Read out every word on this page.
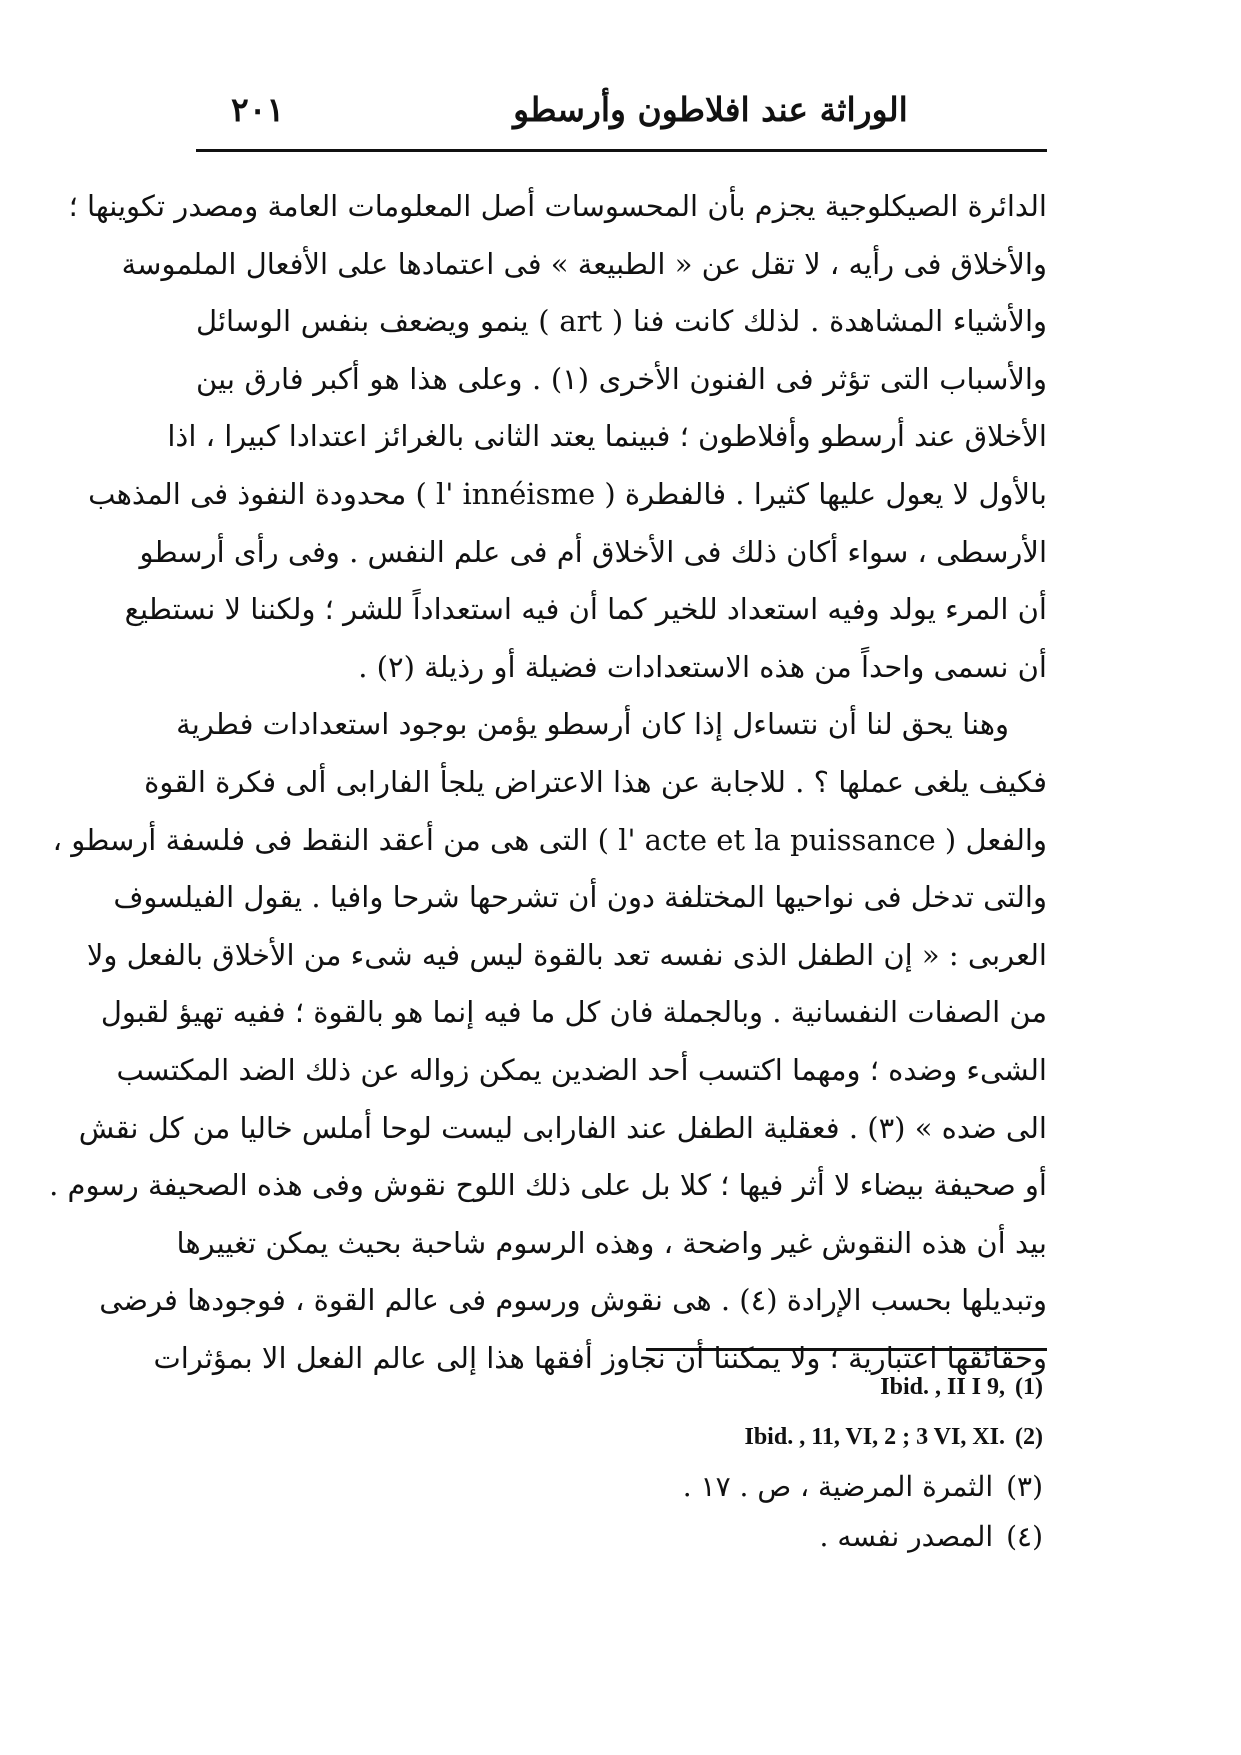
الوراثة عند افلاطون وأرسطو
٢٠١
الدائرة الصيكلوجية يجزم بأن المحسوسات أصل المعلومات العامة ومصدر تكوينها ؛
والأخلاق فى رأيه ، لا تقل عن « الطبيعة » فى اعتمادها على الأفعال الملموسة
والأشياء المشاهدة . لذلك كانت فنا ( art ) ينمو ويضعف بنفس الوسائل
والأسباب التى تؤثر فى الفنون الأخرى (١) . وعلى هذا هو أكبر فارق بين
الأخلاق عند أرسطو وأفلاطون ؛ فبينما يعتد الثانى بالغرائز اعتدادا كبيرا ، اذا
بالأول لا يعول عليها كثيرا . فالفطرة ( l' innéisme ) محدودة النفوذ فى المذهب
الأرسطى ، سواء أكان ذلك فى الأخلاق أم فى علم النفس . وفى رأى أرسطو
أن المرء يولد وفيه استعداد للخير كما أن فيه استعداداً للشر ؛ ولكننا لا نستطيع
أن نسمى واحداً من هذه الاستعدادات فضيلة أو رذيلة (٢) .
وهنا يحق لنا أن نتساءل إذا كان أرسطو يؤمن بوجود استعدادات فطرية
فكيف يلغى عملها ؟ . للاجابة عن هذا الاعتراض يلجأ الفارابى ألى فكرة القوة
والفعل ( l' acte et la puissance ) التى هى من أعقد النقط فى فلسفة أرسطو ،
والتى تدخل فى نواحيها المختلفة دون أن تشرحها شرحا وافيا . يقول الفيلسوف
العربى : « إن الطفل الذى نفسه تعد بالقوة ليس فيه شىء من الأخلاق بالفعل ولا
من الصفات النفسانية . وبالجملة فان كل ما فيه إنما هو بالقوة ؛ ففيه تهيؤ لقبول
الشىء وضده ؛ ومهما اكتسب أحد الضدين يمكن زواله عن ذلك الضد المكتسب
الى ضده » (٣) . فعقلية الطفل عند الفارابى ليست لوحا أملس خاليا من كل نقش
أو صحيفة بيضاء لا أثر فيها ؛ كلا بل على ذلك اللوح نقوش وفى هذه الصحيفة رسوم .
بيد أن هذه النقوش غير واضحة ، وهذه الرسوم شاحبة بحيث يمكن تغييرها
وتبديلها بحسب الإرادة (٤) . هى نقوش ورسوم فى عالم القوة ، فوجودها فرضى
وحقائقها اعتبارية ؛ ولا يمكننا أن نجاوز أفقها هذا إلى عالم الفعل الا بمؤثرات
Ibid. , II I 9, (1)
Ibid. , 11, VI, 2 ; 3 VI, XI. (2)
(٣) الثمرة المرضية ، ص . ١٧ .
(٤) المصدر نفسه .
